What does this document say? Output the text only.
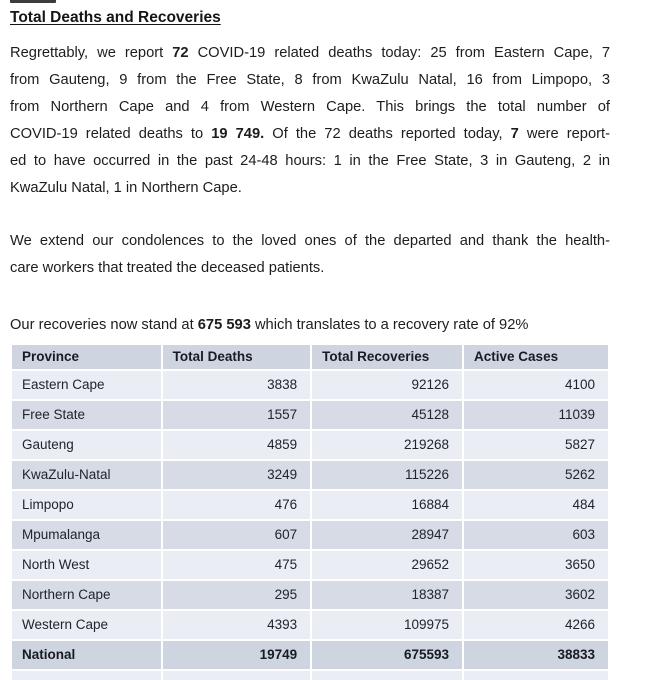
Total Deaths and Recoveries
Regrettably, we report 72 COVID-19 related deaths today: 25 from Eastern Cape, 7
from Gauteng, 9 from the Free State, 8 from KwaZulu Natal, 16 from Limpopo, 3
from Northern Cape and 4 from Western Cape. This brings the total number of
COVID-19 related deaths to 19 749. Of the 72 deaths reported today, 7 were report-
ed to have occurred in the past 24-48 hours: 1 in the Free State, 3 in Gauteng, 2 in
KwaZulu Natal, 1 in Northern Cape.
We extend our condolences to the loved ones of the departed and thank the health-
care workers that treated the deceased patients.
Our recoveries now stand at 675 593 which translates to a recovery rate of 92%
Province	Total Deaths	Total Recoveries	Active Cases
Eastern Cape	3838	92126	4100
Free State	1557	45128	11039
Gauteng	4859	219268	5827
KwaZulu-Natal	3249	115226	5262
Limpopo	476	16884	484
Mpumalanga	607	28947	603
North West	475	29652	3650
Northern Cape	295	18387	3602
Western Cape	4393	109975	4266
National	19749	675593	38833
